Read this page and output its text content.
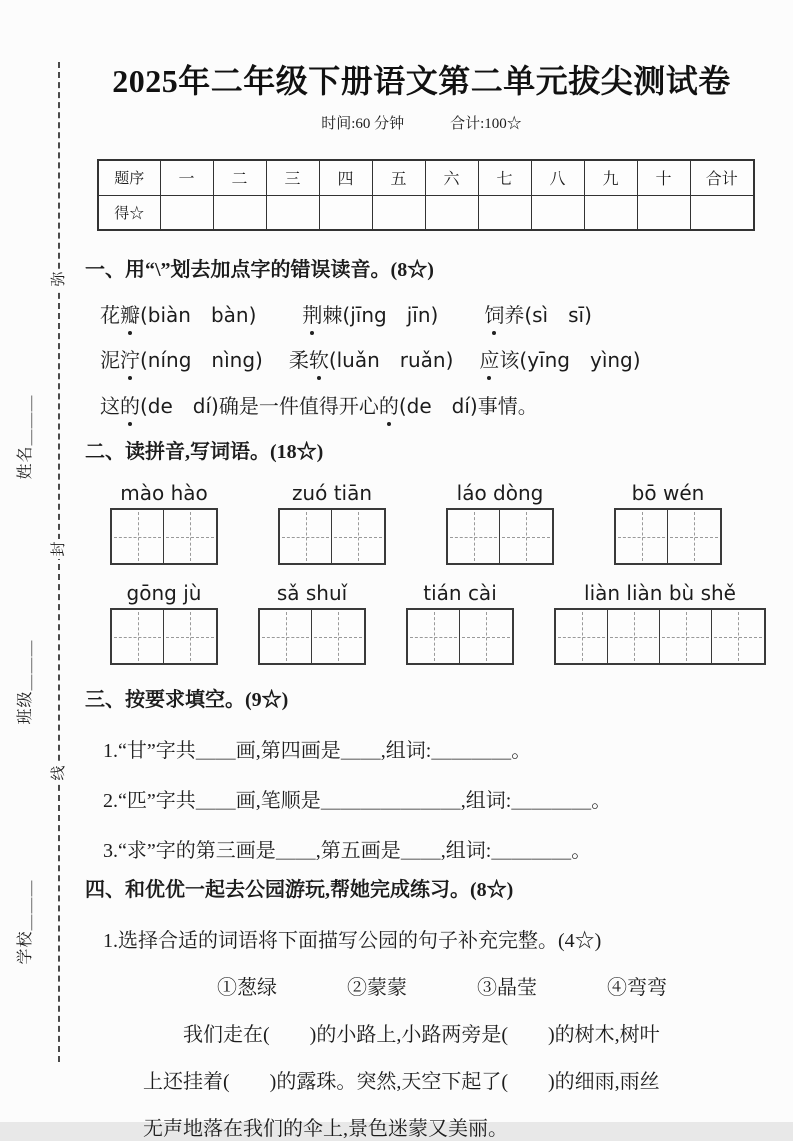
弥
封
线
姓名＿＿＿
班级＿＿＿
学校＿＿＿
2025年二年级下册语文第二单元拔尖测试卷
时间:60 分钟	合计:100☆
题序	一	二	三	四	五	六	七	八	九	十	合计
得☆											
一、用“\”划去加点字的错误读音。(8☆)
花瓣(biàn　bàn) 荆棘(jīng　jīn) 饲养(sì　sī)
泥泞(níng　nìng) 柔软(luǎn　ruǎn) 应该(yīng　yìng)
这的(de　dí)确是一件值得开心的(de　dí)事情。
二、读拼音,写词语。(18☆)
mào hào	zuó tiān	láo dòng	bō wén
gōng jù	sǎ shuǐ	tián cài	liàn liàn bù shě
三、按要求填空。(9☆)
1.“甘”字共＿＿画,第四画是＿＿,组词:＿＿＿＿。
2.“匹”字共＿＿画,笔顺是＿＿＿＿＿＿＿,组词:＿＿＿＿。
3.“求”字的第三画是＿＿,第五画是＿＿,组词:＿＿＿＿。
四、和优优一起去公园游玩,帮她完成练习。(8☆)
1.选择合适的词语将下面描写公园的句子补充完整。(4☆)
①葱绿	②蒙蒙	③晶莹	④弯弯
我们走在(　　)的小路上,小路两旁是(　　)的树木,树叶
上还挂着(　　)的露珠。突然,天空下起了(　　)的细雨,雨丝
无声地落在我们的伞上,景色迷蒙又美丽。
